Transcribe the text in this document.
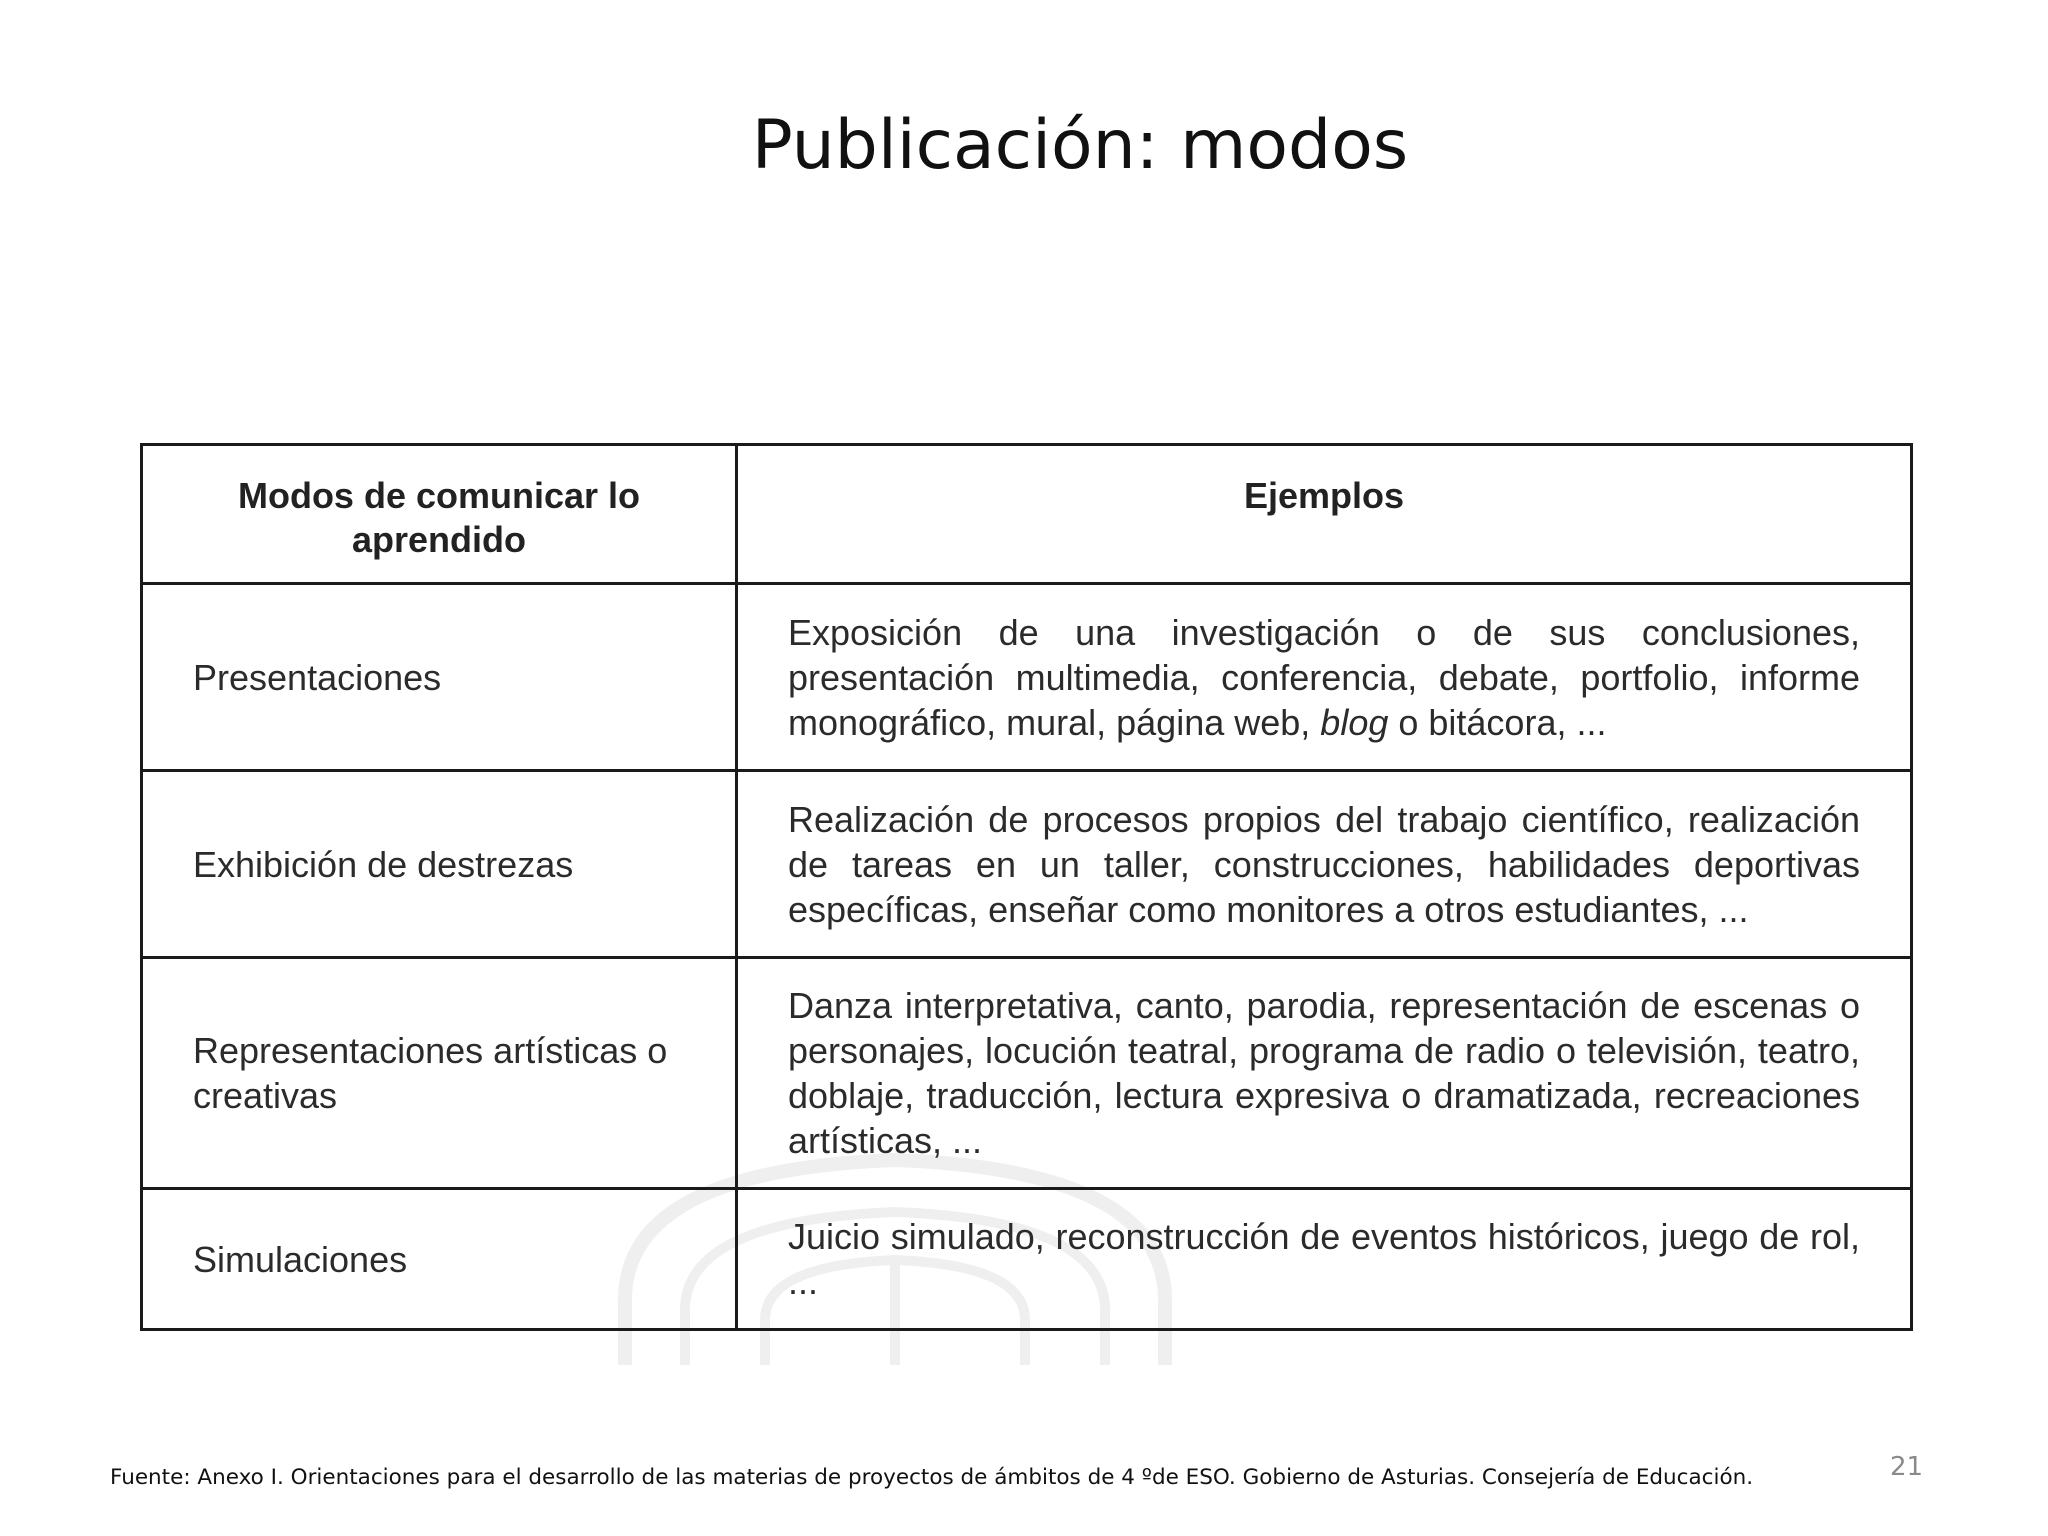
Publicación: modos
Modos de comunicar lo aprendido	Ejemplos
Presentaciones	Exposición de una investigación o de sus conclusiones, presentación multimedia, conferencia, debate, portfolio, informe monográfico, mural, página web, blog o bitácora, ...
Exhibición de destrezas	Realización de procesos propios del trabajo científico, realización de tareas en un taller, construcciones, habilidades deportivas específicas, enseñar como monitores a otros estudiantes, ...
Representaciones artísticas o creativas	Danza interpretativa, canto, parodia, representación de escenas o personajes, locución teatral, programa de radio o televisión, teatro, doblaje, traducción, lectura expresiva o dramatizada, recreaciones artísticas, ...
Simulaciones	Juicio simulado, reconstrucción de eventos históricos, juego de rol, ...
Fuente: Anexo I. Orientaciones para el desarrollo de las materias de proyectos de ámbitos de 4 ºde ESO. Gobierno de Asturias. Consejería de Educación.	21
